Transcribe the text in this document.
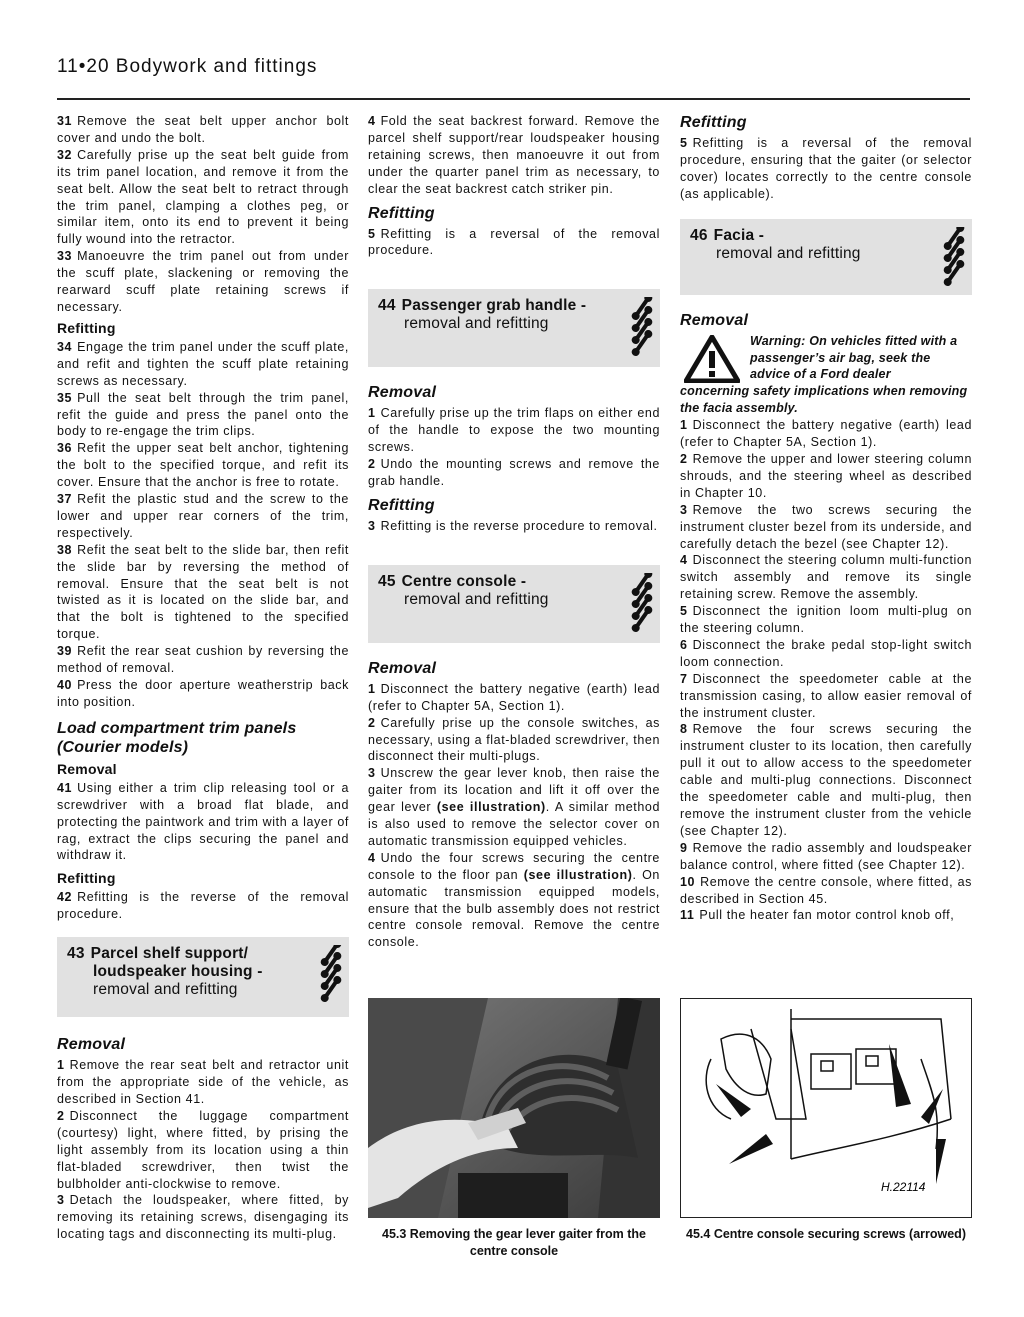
11•20 Bodywork and fittings

31 Remove the seat belt upper anchor bolt cover and undo the bolt.

32 Carefully prise up the seat belt guide from its trim panel location, and remove it from the seat belt. Allow the seat belt to retract through the trim panel, clamping a clothes peg, or similar item, onto its end to prevent it being fully wound into the retractor.

33 Manoeuvre the trim panel out from under the scuff plate, slackening or removing the rearward scuff plate retaining screws if necessary.

Refitting

34 Engage the trim panel under the scuff plate, and refit and tighten the scuff plate retaining screws as necessary.

35 Pull the seat belt through the trim panel, refit the guide and press the panel onto the body to re-engage the trim clips.

36 Refit the upper seat belt anchor, tightening the bolt to the specified torque, and refit its cover. Ensure that the anchor is free to rotate.

37 Refit the plastic stud and the screw to the lower and upper rear corners of the trim, respectively.

38 Refit the seat belt to the slide bar, then refit the slide bar by reversing the method of removal. Ensure that the seat belt is not twisted as it is located on the slide bar, and that the bolt is tightened to the specified torque.

39 Refit the rear seat cushion by reversing the method of removal.

40 Press the door aperture weatherstrip back into position.

Load compartment trim panels (Courier models)
Removal

41 Using either a trim clip releasing tool or a screwdriver with a broad flat blade, and protecting the paintwork and trim with a layer of rag, extract the clips securing the panel and withdraw it.

Refitting

42 Refitting is the reverse of the removal procedure.

43 Parcel shelf support/
loudspeaker housing -
removal and refitting
Removal

1 Remove the rear seat belt and retractor unit from the appropriate side of the vehicle, as described in Section 41.

2 Disconnect the luggage compartment (courtesy) light, where fitted, by prising the light assembly from its location using a thin flat-bladed screwdriver, then twist the bulbholder anti-clockwise to remove.

3 Detach the loudspeaker, where fitted, by removing its retaining screws, disengaging its locating tags and disconnecting its multi-plug.

4 Fold the seat backrest forward. Remove the parcel shelf support/rear loudspeaker housing retaining screws, then manoeuvre it out from under the quarter panel trim as necessary, to clear the seat backrest catch striker pin.

Refitting

5 Refitting is a reversal of the removal procedure.

44 Passenger grab handle -
removal and refitting
Removal

1 Carefully prise up the trim flaps on either end of the handle to expose the two mounting screws.

2 Undo the mounting screws and remove the grab handle.

Refitting

3 Refitting is the reverse procedure to removal.

45 Centre console -
removal and refitting
Removal

1 Disconnect the battery negative (earth) lead (refer to Chapter 5A, Section 1).

2 Carefully prise up the console switches, as necessary, using a flat-bladed screwdriver, then disconnect their multi-plugs.

3 Unscrew the gear lever knob, then raise the gaiter from its location and lift it off over the gear lever (see illustration). A similar method is also used to remove the selector cover on automatic transmission equipped vehicles.

4 Undo the four screws securing the centre console to the floor pan (see illustration). On automatic transmission equipped models, ensure that the bulb assembly does not restrict centre console removal. Remove the centre console.

Refitting

5 Refitting is a reversal of the removal procedure, ensuring that the gaiter (or selector cover) locates correctly to the centre console (as applicable).

46 Facia -
removal and refitting
Removal
Warning: On vehicles fitted with a passenger’s air bag, seek the advice of a Ford dealer
concerning safety implications when removing the facia assembly.

1 Disconnect the battery negative (earth) lead (refer to Chapter 5A, Section 1).

2 Remove the upper and lower steering column shrouds, and the steering wheel as described in Chapter 10.

3 Remove the two screws securing the instrument cluster bezel from its underside, and carefully detach the bezel (see Chapter 12).

4 Disconnect the steering column multi-function switch assembly and remove its single retaining screw. Remove the assembly.

5 Disconnect the ignition loom multi-plug on the steering column.

6 Disconnect the brake pedal stop-light switch loom connection.

7 Disconnect the speedometer cable at the transmission casing, to allow easier removal of the instrument cluster.

8 Remove the four screws securing the instrument cluster to its location, then carefully pull it out to allow access to the speedometer cable and multi-plug connections. Disconnect the speedometer cable and multi-plug, then remove the instrument cluster from the vehicle (see Chapter 12).

9 Remove the radio assembly and loudspeaker balance control, where fitted (see Chapter 12).

10 Remove the centre console, where fitted, as described in Section 45.

11 Pull the heater fan motor control knob off,

H.22114
45.3 Removing the gear lever gaiter from the centre console
45.4 Centre console securing screws (arrowed)
